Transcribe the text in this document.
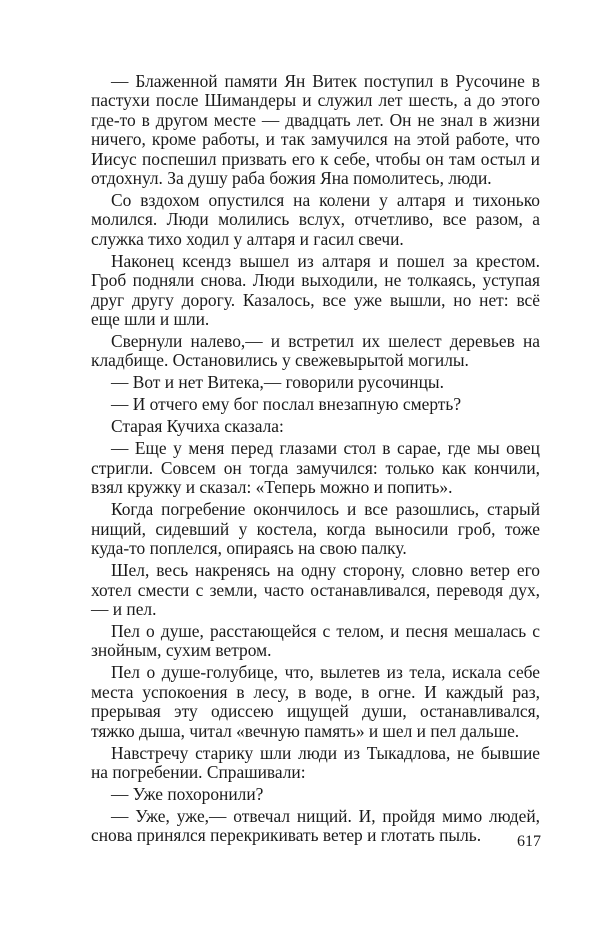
— Блаженной памяти Ян Витек поступил в Русочине в пастухи после Шимандеры и служил лет шесть, а до этого где-то в другом месте — двадцать лет. Он не знал в жизни ничего, кроме работы, и так замучился на этой работе, что Иисус поспешил призвать его к себе, чтобы он там остыл и отдохнул. За душу раба божия Яна помолитесь, люди.

Со вздохом опустился на колени у алтаря и тихонько молился. Люди молились вслух, отчетливо, все разом, а служка тихо ходил у алтаря и гасил свечи.

Наконец ксендз вышел из алтаря и пошел за крестом. Гроб подняли снова. Люди выходили, не толкаясь, уступая друг другу дорогу. Казалось, все уже вышли, но нет: всё еще шли и шли.

Свернули налево,— и встретил их шелест деревьев на кладбище. Остановились у свежевырытой могилы.

— Вот и нет Витека,— говорили русочинцы.

— И отчего ему бог послал внезапную смерть?

Старая Кучиха сказала:

— Еще у меня перед глазами стол в сарае, где мы овец стригли. Совсем он тогда замучился: только как кончили, взял кружку и сказал: «Теперь можно и попить».

Когда погребение окончилось и все разошлись, старый нищий, сидевший у костела, когда выносили гроб, тоже куда-то поплелся, опираясь на свою палку.

Шел, весь накренясь на одну сторону, словно ветер его хотел смести с земли, часто останавливался, переводя дух,— и пел.

Пел о душе, расстающейся с телом, и песня мешалась с знойным, сухим ветром.

Пел о душе-голубице, что, вылетев из тела, искала себе места успокоения в лесу, в воде, в огне. И каждый раз, прерывая эту одиссею ищущей души, останавливался, тяжко дыша, читал «вечную память» и шел и пел дальше.

Навстречу старику шли люди из Тыкадлова, не бывшие на погребении. Спрашивали:

— Уже похоронили?

— Уже, уже,— отвечал нищий. И, пройдя мимо людей, снова принялся перекрикивать ветер и глотать пыль.	617
